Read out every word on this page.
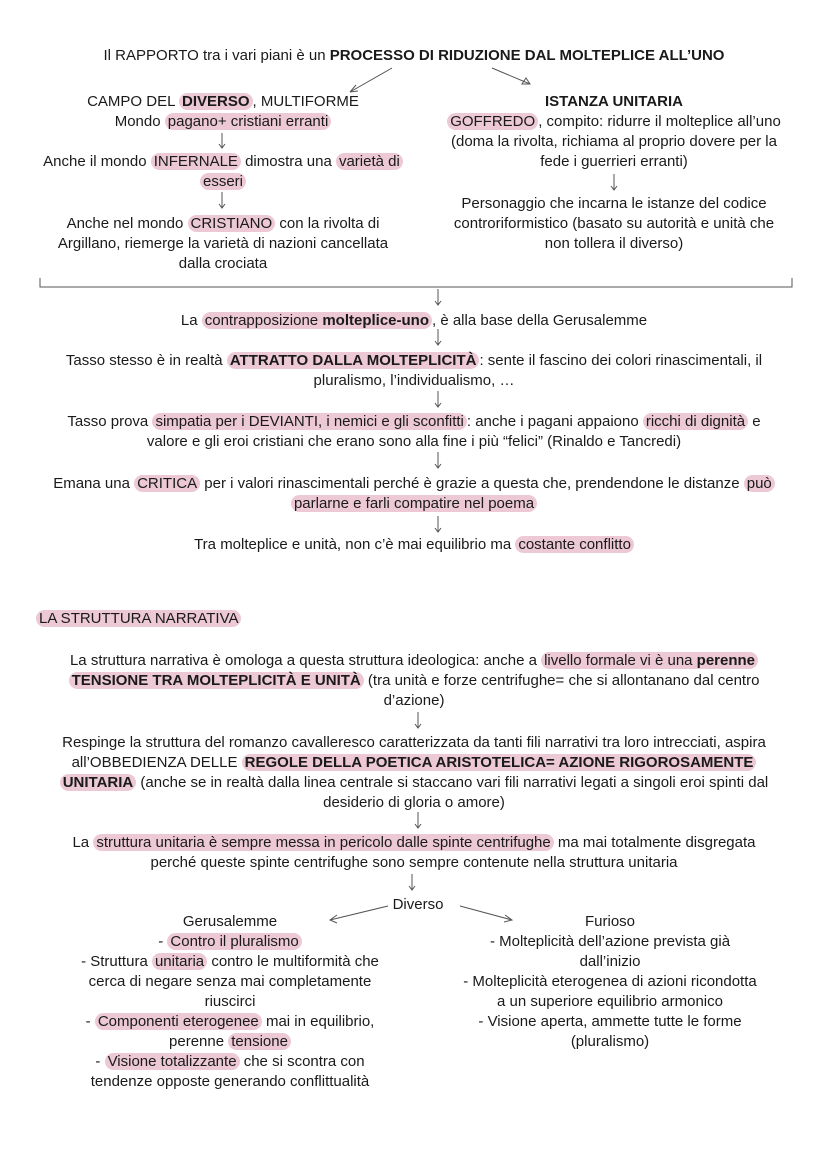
Il RAPPORTO tra i vari piani è un PROCESSO DI RIDUZIONE DAL MOLTEPLICE ALL’UNO
CAMPO DEL DIVERSO , MULTIFORME
Mondo pagano+ cristiani erranti
Anche il mondo INFERNALE dimostra una varietà di
esseri
Anche nel mondo CRISTIANO con la rivolta di
Argillano, riemerge la varietà di nazioni cancellata
dalla crociata
ISTANZA UNITARIA
GOFFREDO , compito: ridurre il molteplice all’uno
(doma la rivolta, richiama al proprio dovere per la
fede i guerrieri erranti)
Personaggio che incarna le istanze del codice
controriformistico (basato su autorità e unità che
non tollera il diverso)
La contrapposizione molteplice-uno , è alla base della Gerusalemme
Tasso stesso è in realtà ATTRATTO DALLA MOLTEPLICITÀ : sente il fascino dei colori rinascimentali, il
pluralismo, l’individualismo, …
Tasso prova simpatia per i DEVIANTI, i nemici e gli sconfitti : anche i pagani appaiono ricchi di dignità e
valore e gli eroi cristiani che erano sono alla fine i più “felici” (Rinaldo e Tancredi)
Emana una CRITICA per i valori rinascimentali perché è grazie a questa che, prendendone le distanze può
parlarne e farli compatire nel poema
Tra molteplice e unità, non c’è mai equilibrio ma costante conflitto
LA STRUTTURA NARRATIVA
La struttura narrativa è omologa a questa struttura ideologica: anche a livello formale vi è una perenne
TENSIONE TRA MOLTEPLICITÀ E UNITÀ (tra unità e forze centrifughe= che si allontanano dal centro
d’azione)
Respinge la struttura del romanzo cavalleresco caratterizzata da tanti fili narrativi tra loro intrecciati, aspira
all’OBBEDIENZA DELLE REGOLE DELLA POETICA ARISTOTELICA= AZIONE RIGOROSAMENTE
UNITARIA (anche se in realtà dalla linea centrale si staccano vari fili narrativi legati a singoli eroi spinti dal
desiderio di gloria o amore)
La struttura unitaria è sempre messa in pericolo dalle spinte centrifughe ma mai totalmente disgregata
perché queste spinte centrifughe sono sempre contenute nella struttura unitaria
Diverso
Gerusalemme
- Contro il pluralismo
- Struttura unitaria contro le multiformità che
cerca di negare senza mai completamente
riuscirci
- Componenti eterogenee mai in equilibrio,
perenne tensione
- Visione totalizzante che si scontra con
tendenze opposte generando conflittualità
Furioso
- Molteplicità dell’azione prevista già
dall’inizio
- Molteplicità eterogenea di azioni ricondotta
a un superiore equilibrio armonico
- Visione aperta, ammette tutte le forme
(pluralismo)
